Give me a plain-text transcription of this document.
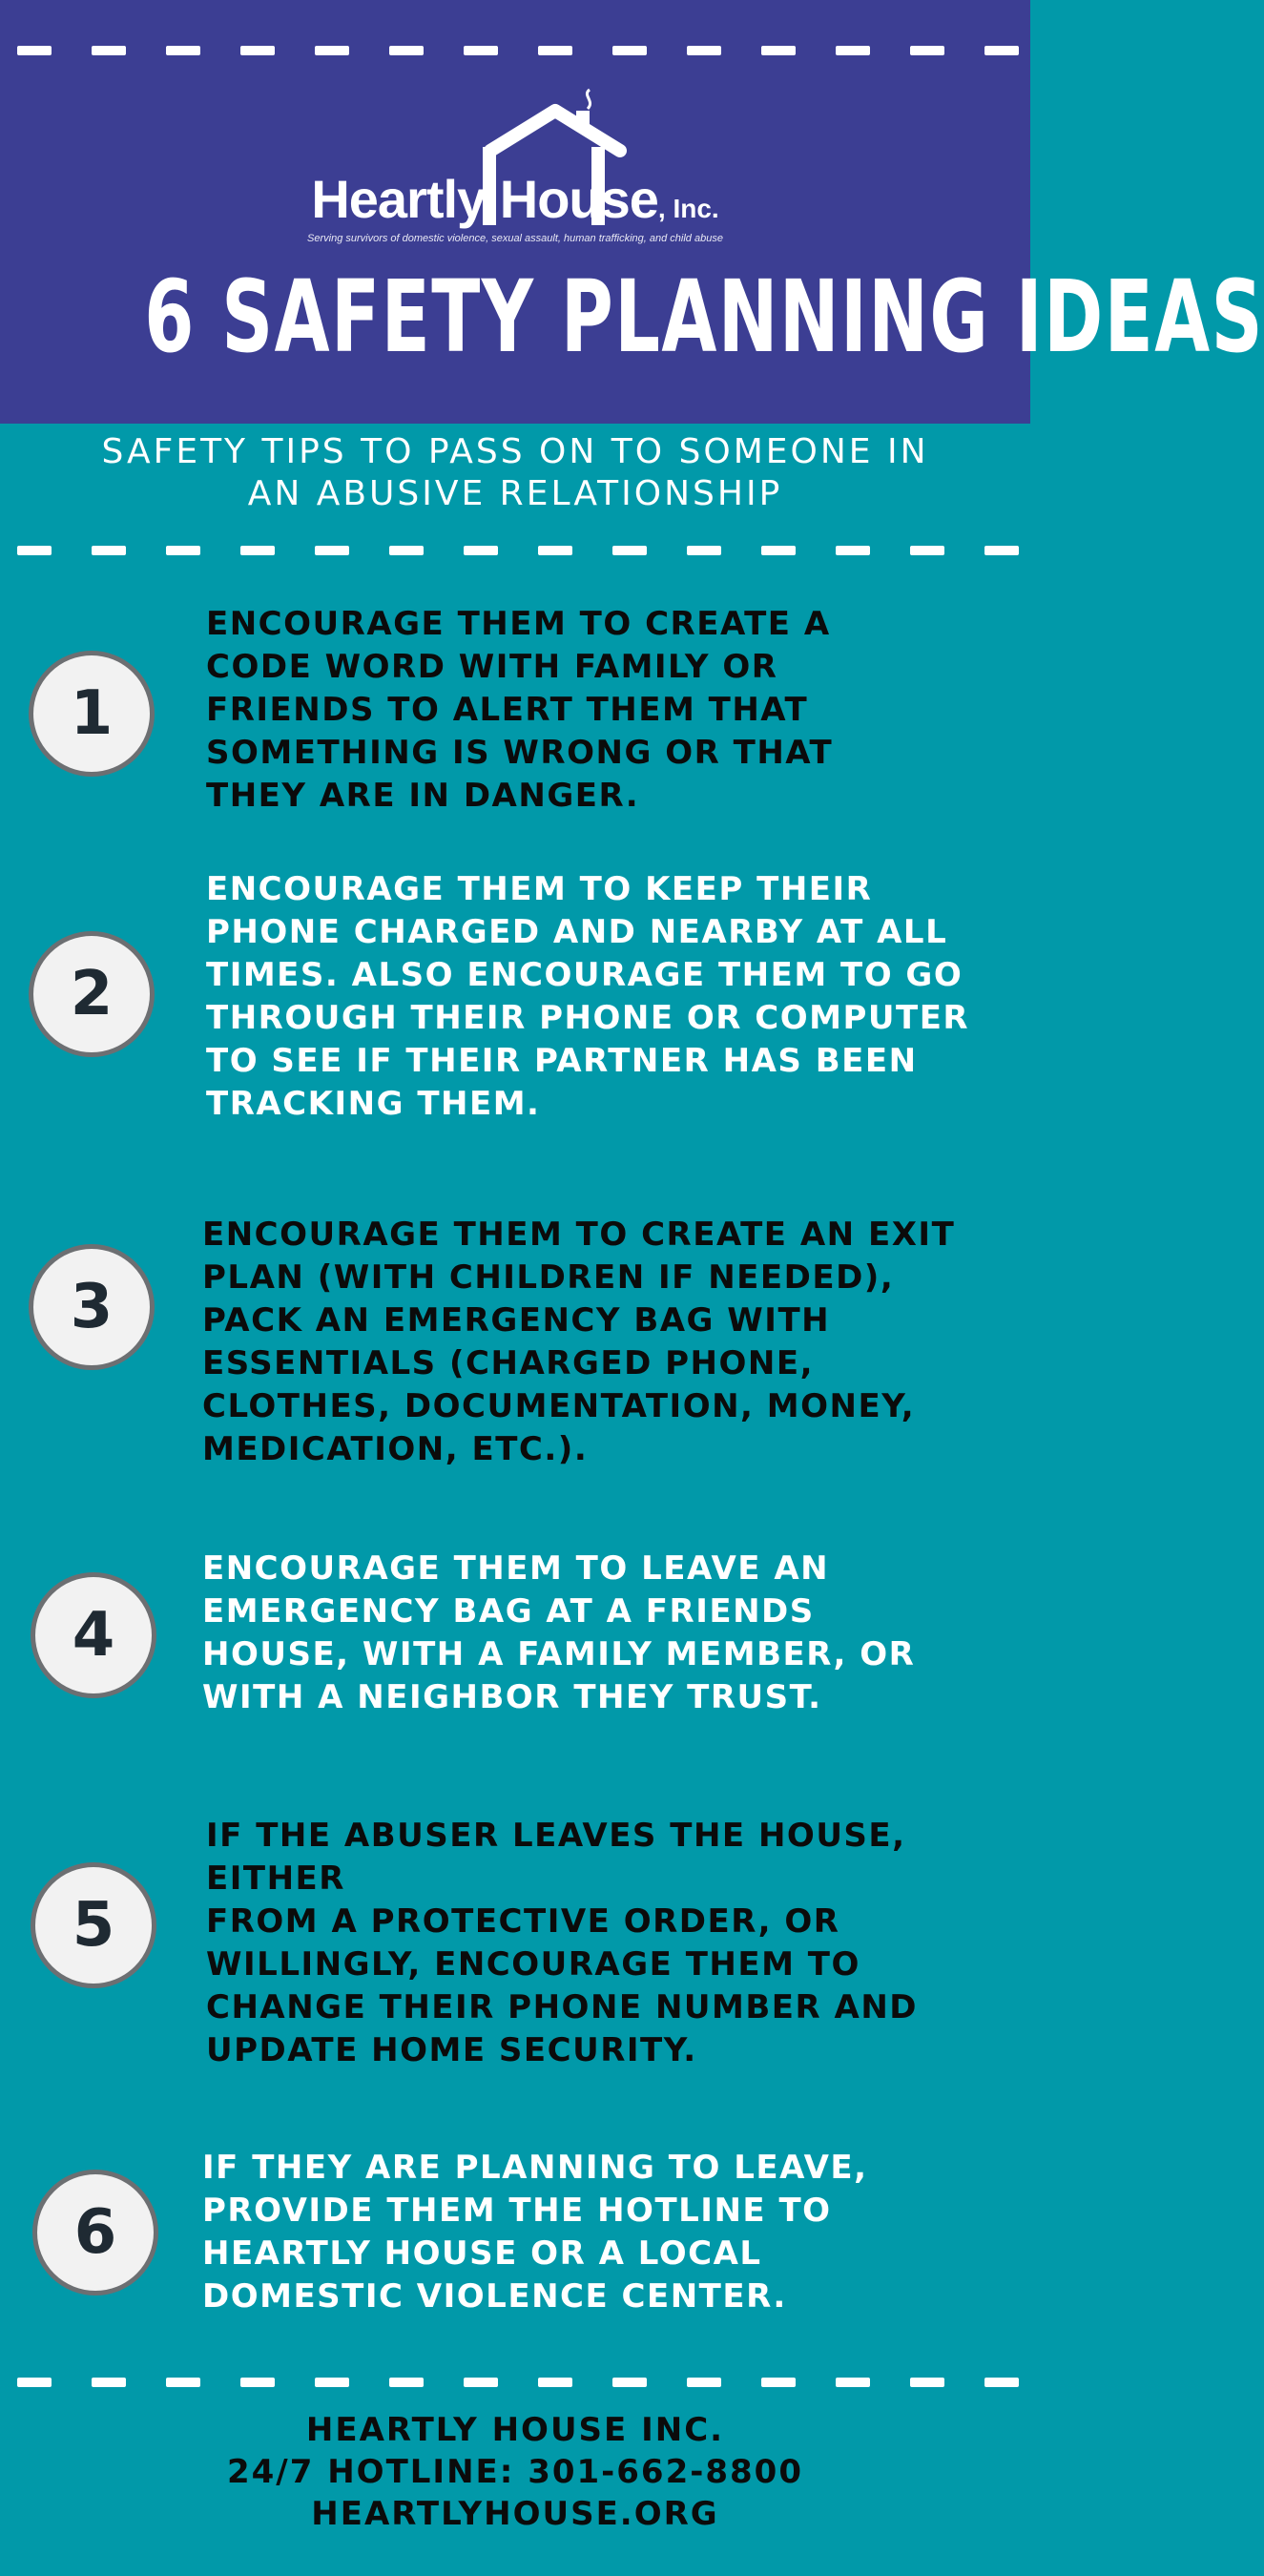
Heartly House, Inc.
Serving survivors of domestic violence, sexual assault, human trafficking, and child abuse
6 SAFETY PLANNING IDEAS
SAFETY TIPS TO PASS ON TO SOMEONE IN
AN ABUSIVE RELATIONSHIP
1
ENCOURAGE THEM TO CREATE A
CODE WORD WITH FAMILY OR
FRIENDS TO ALERT THEM THAT
SOMETHING IS WRONG OR THAT
THEY ARE IN DANGER.
2
ENCOURAGE THEM TO KEEP THEIR
PHONE CHARGED AND NEARBY AT ALL
TIMES. ALSO ENCOURAGE THEM TO GO
THROUGH THEIR PHONE OR COMPUTER
TO SEE IF THEIR PARTNER HAS BEEN
TRACKING THEM.
3
ENCOURAGE THEM TO CREATE AN EXIT
PLAN (WITH CHILDREN IF NEEDED),
PACK AN EMERGENCY BAG WITH
ESSENTIALS (CHARGED PHONE,
CLOTHES, DOCUMENTATION, MONEY,
MEDICATION, ETC.).
4
ENCOURAGE THEM TO LEAVE AN
EMERGENCY BAG AT A FRIENDS
HOUSE, WITH A FAMILY MEMBER, OR
WITH A NEIGHBOR THEY TRUST.
5
IF THE ABUSER LEAVES THE HOUSE, EITHER
FROM A PROTECTIVE ORDER, OR
WILLINGLY, ENCOURAGE THEM TO
CHANGE THEIR PHONE NUMBER AND
UPDATE HOME SECURITY.
6
IF THEY ARE PLANNING TO LEAVE,
PROVIDE THEM THE HOTLINE TO
HEARTLY HOUSE OR A LOCAL
DOMESTIC VIOLENCE CENTER.
HEARTLY HOUSE INC.
24/7 HOTLINE: 301-662-8800
HEARTLYHOUSE.ORG
